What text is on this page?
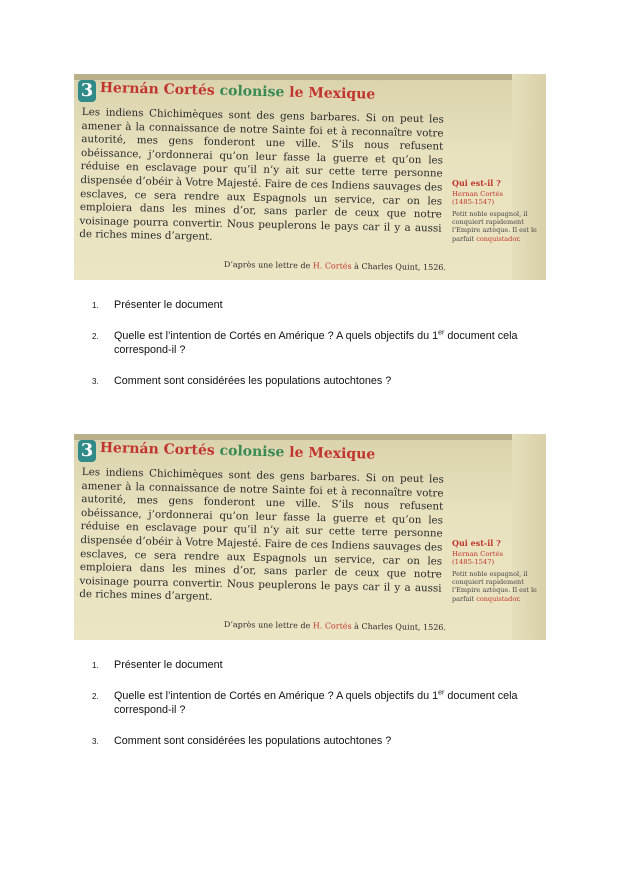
3 Hernán Cortés colonise le Mexique

Les indiens Chichimèques sont des gens barbares. Si on peut les amener à la connaissance de notre Sainte foi et à reconnaître votre autorité, mes gens fonderont une ville. S’ils nous refusent obéissance, j’ordonnerai qu’on leur fasse la guerre et qu’on les réduise en esclavage pour qu’il n’y ait sur cette terre personne dispensée d’obéir à Votre Majesté. Faire de ces Indiens sauvages des esclaves, ce sera rendre aux Espagnols un service, car on les emploiera dans les mines d’or, sans parler de ceux que notre voisinage pourra convertir. Nous peuplerons le pays car il y a aussi de riches mines d’argent.

Qui est-il ?
Hernan Cortés
(1485-1547)
Petit noble espagnol, il conquiert rapidement l’Empire aztèque. Il est le parfait conquistador.
D’après une lettre de H. Cortés à Charles Quint, 1526.
1. Présenter le document
2. Quelle est l’intention de Cortés en Amérique ? A quels objectifs du 1er document cela correspond-il ?
3. Comment sont considérées les populations autochtones ?
3 Hernán Cortés colonise le Mexique

Les indiens Chichimèques sont des gens barbares. Si on peut les amener à la connaissance de notre Sainte foi et à reconnaître votre autorité, mes gens fonderont une ville. S’ils nous refusent obéissance, j’ordonnerai qu’on leur fasse la guerre et qu’on les réduise en esclavage pour qu’il n’y ait sur cette terre personne dispensée d’obéir à Votre Majesté. Faire de ces Indiens sauvages des esclaves, ce sera rendre aux Espagnols un service, car on les emploiera dans les mines d’or, sans parler de ceux que notre voisinage pourra convertir. Nous peuplerons le pays car il y a aussi de riches mines d’argent.

Qui est-il ?
Hernan Cortés
(1485-1547)
Petit noble espagnol, il conquiert rapidement l’Empire aztèque. Il est le parfait conquistador.
D’après une lettre de H. Cortés à Charles Quint, 1526.
1. Présenter le document
2. Quelle est l’intention de Cortés en Amérique ? A quels objectifs du 1er document cela correspond-il ?
3. Comment sont considérées les populations autochtones ?
